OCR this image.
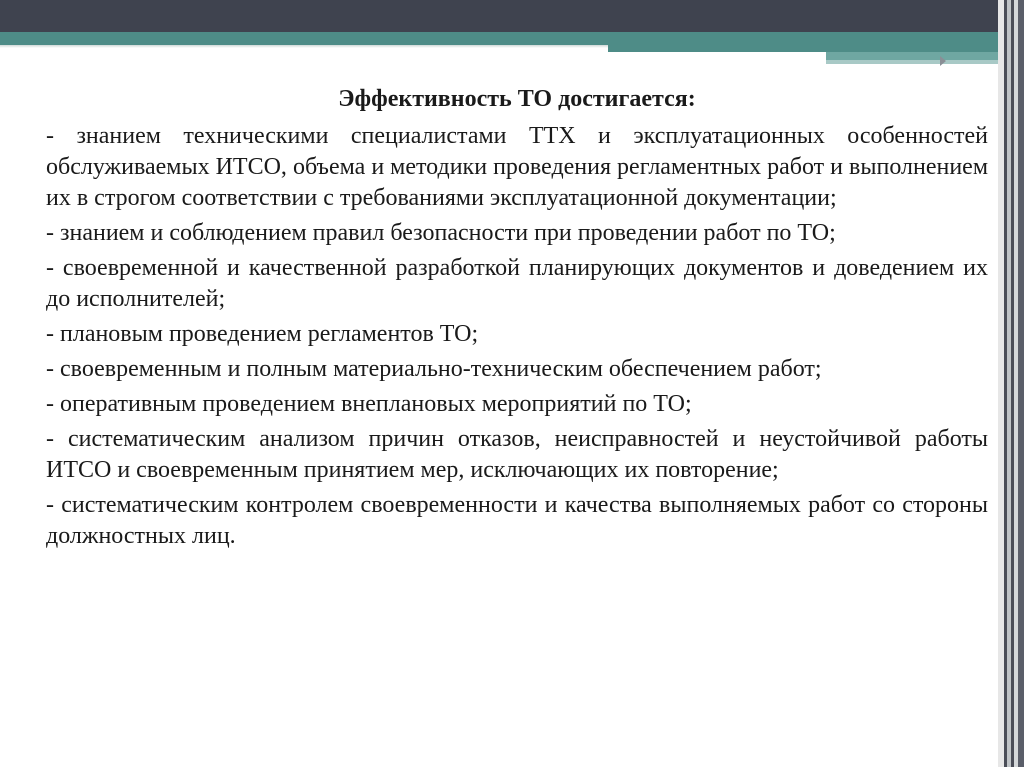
Эффективность ТО достигается:

- знанием техническими специалистами ТТХ и эксплуатационных особенностей обслуживаемых ИТСО, объема и методики проведения регламентных работ и выполнением их в строгом соответствии с требованиями эксплуатационной документации;

- знанием и соблюдением правил безопасности при проведении работ по ТО;

- своевременной и качественной разработкой планирующих документов и доведением их до исполнителей;

- плановым проведением регламентов ТО;

- своевременным и полным материально-техническим обеспечением работ;

- оперативным проведением внеплановых мероприятий по ТО;

- систематическим анализом причин отказов, неисправностей и неустойчивой работы ИТСО и своевременным принятием мер, исключающих их повторение;

- систематическим контролем своевременности и качества выполняемых работ со стороны должностных лиц.
